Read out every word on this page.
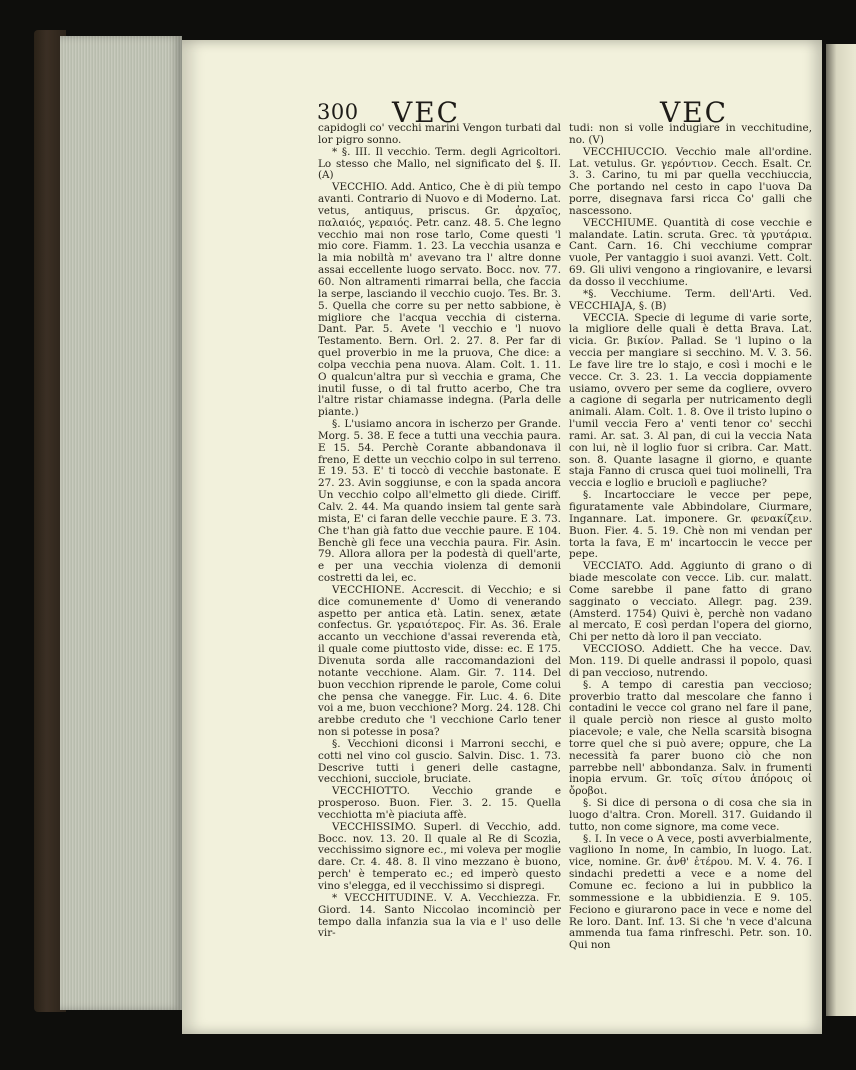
300 VEC	VEC

capidogli co' vecchi marini Vengon turbati dal lor pigro sonno.

* §. III. Il vecchio. Term. degli Agricoltori. Lo stesso che Mallo, nel significato del §. II. (A)

VECCHIO. Add. Antico, Che è di più tempo avanti. Contrario di Nuovo e di Moderno. Lat. vetus, antiquus, priscus. Gr. ἀρχαῖος, παλαιός, γεραιός. Petr. canz. 48. 5. Che legno vecchio mai non rose tarlo, Come questi 'l mio core. Fiamm. 1. 23. La vecchia usanza e la mia nobiltà m' avevano tra l' altre donne assai eccellente luogo servato. Bocc. nov. 77. 60. Non altramenti rimarrai bella, che faccia la serpe, lasciando il vecchio cuojo. Tes. Br. 3. 5. Quella che corre su per netto sabbione, è migliore che l'acqua vecchia di cisterna. Dant. Par. 5. Avete 'l vecchio e 'l nuovo Testamento. Bern. Orl. 2. 27. 8. Per far di quel proverbio in me la pruova, Che dice: a colpa vecchia pena nuova. Alam. Colt. 1. 11. O qualcun'altra pur sì vecchia e grama, Che inutil fusse, o di tal frutto acerbo, Che tra l'altre ristar chiamasse indegna. (Parla delle piante.)

§. L'usiamo ancora in ischerzo per Grande. Morg. 5. 38. E fece a tutti una vecchia paura. E 15. 54. Perchè Corante abbandonava il freno, E dette un vecchio colpo in sul terreno. E 19. 53. E' ti toccò di vecchie bastonate. E 27. 23. Avin soggiunse, e con la spada ancora Un vecchio colpo all'elmetto gli diede. Ciriff. Calv. 2. 44. Ma quando insiem tal gente sarà mista, E' ci faran delle vecchie paure. E 3. 73. Che t'han già fatto due vecchie paure. E 104. Benchè gli fece una vecchia paura. Fir. Asin. 79. Allora allora per la podestà di quell'arte, e per una vecchia violenza di demonii costretti da lei, ec.

VECCHIONE. Accrescit. di Vecchio; e si dice comunemente d' Uomo di venerando aspetto per antica età. Latin. senex, ætate confectus. Gr. γεραιότερος. Fir. As. 36. Erale accanto un vecchione d'assai reverenda età, il quale come piuttosto vide, disse: ec. E 175. Divenuta sorda alle raccomandazioni del notante vecchione. Alam. Gir. 7. 114. Del buon vecchion riprende le parole, Come colui che pensa che vanegge. Fir. Luc. 4. 6. Dite voi a me, buon vecchione? Morg. 24. 128. Chi arebbe creduto che 'l vecchione Carlo tener non si potesse in posa?

§. Vecchioni diconsi i Marroni secchi, e cotti nel vino col guscio. Salvin. Disc. 1. 73. Descrive tutti i generi delle castagne, vecchioni, succiole, bruciate.

VECCHIOTTO. Vecchio grande e prosperoso. Buon. Fier. 3. 2. 15. Quella vecchiotta m'è piaciuta affè.

VECCHISSIMO. Superl. di Vecchio, add. Bocc. nov. 13. 20. Il quale al Re di Scozia, vecchissimo signore ec., mi voleva per moglie dare. Cr. 4. 48. 8. Il vino mezzano è buono, perch' è temperato ec.; ed imperò questo vino s'elegga, ed il vecchissimo si dispregi.

* VECCHITUDINE. V. A. Vecchiezza. Fr. Giord. 14. Santo Niccolao incominciò per tempo dalla infanzia sua la via e l' uso delle vir-

tudi: non si volle indugiare in vecchitudine, no. (V)

VECCHIUCCIO. Vecchio male all'ordine. Lat. vetulus. Gr. γερόντιον. Cecch. Esalt. Cr. 3. 3. Carino, tu mi par quella vecchiuccia, Che portando nel cesto in capo l'uova Da porre, disegnava farsi ricca Co' galli che nascessono.

VECCHIUME. Quantità di cose vecchie e malandate. Latin. scruta. Grec. τὰ γρυτάρια. Cant. Carn. 16. Chi vecchiume comprar vuole, Per vantaggio i suoi avanzi. Vett. Colt. 69. Gli ulivi vengono a ringiovanire, e levarsi da dosso il vecchiume.

*§. Vecchiume. Term. dell'Arti. Ved. VECCHIAJA, §. (B)

VECCIA. Specie di legume di varie sorte, la migliore delle quali è detta Brava. Lat. vicia. Gr. βικίον. Pallad. Se 'l lupino o la veccia per mangiare si secchino. M. V. 3. 56. Le fave lire tre lo stajo, e così i mochi e le vecce. Cr. 3. 23. 1. La veccia doppiamente usiamo, ovvero per seme da cogliere, ovvero a cagione di segarla per nutricamento degli animali. Alam. Colt. 1. 8. Ove il tristo lupino o l'umil veccia Fero a' venti tenor co' secchi rami. Ar. sat. 3. Al pan, di cui la veccia Nata con lui, nè il loglio fuor si cribra. Car. Matt. son. 8. Quante lasagne il giorno, e quante staja Fanno di crusca quei tuoi molinelli, Tra veccia e loglio e bruciolì e pagliuche?

§. Incartocciare le vecce per pepe, figuratamente vale Abbindolare, Ciurmare, Ingannare. Lat. imponere. Gr. φενακίζειν. Buon. Fier. 4. 5. 19. Chè non mi vendan per torta la fava, E m' incartoccin le vecce per pepe.

VECCIATO. Add. Aggiunto di grano o di biade mescolate con vecce. Lib. cur. malatt. Come sarebbe il pane fatto di grano sagginato o vecciato. Allegr. pag. 239. (Amsterd. 1754) Quivi è, perchè non vadano al mercato, E così perdan l'opera del giorno, Chi per netto dà loro il pan vecciato.

VECCIOSO. Addiett. Che ha vecce. Dav. Mon. 119. Di quelle andrassi il popolo, quasi di pan veccioso, nutrendo.

§. A tempo di carestia pan veccioso; proverbio tratto dal mescolare che fanno i contadini le vecce col grano nel fare il pane, il quale perciò non riesce al gusto molto piacevole; e vale, che Nella scarsità bisogna torre quel che si può avere; oppure, che La necessità fa parer buono ciò che non parrebbe nell' abbondanza. Salv. in frumenti inopia ervum. Gr. τοῖς σίτου ἀπόροις οἱ ὄροβοι.

§. Si dice di persona o di cosa che sia in luogo d'altra. Cron. Morell. 317. Guidando il tutto, non come signore, ma come vece.

§. I. In vece o A vece, posti avverbialmente, vagliono In nome, In cambio, In luogo. Lat. vice, nomine. Gr. ἀνθ' ἑτέρου. M. V. 4. 76. I sindachi predetti a vece e a nome del Comune ec. feciono a lui in pubblico la sommessione e la ubbidienzia. E 9. 105. Fecionо e giurarono pace in vece e nome del Re loro. Dant. Inf. 13. Si che 'n vece d'alcuna ammenda tua fama rinfreschi. Petr. son. 10. Qui non
